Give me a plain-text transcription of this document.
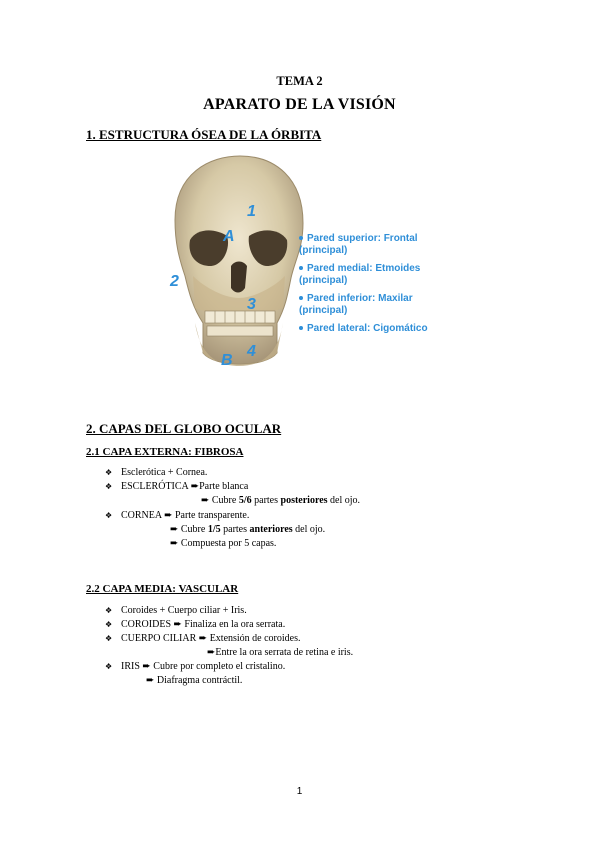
TEMA 2
APARATO DE LA VISIÓN
1. ESTRUCTURA ÓSEA DE LA ÓRBITA
1
2
3
4
A
B
Pared superior: Frontal
(principal)
Pared medial: Etmoides
(principal)
Pared inferior: Maxilar
(principal)
Pared lateral: Cigomático
2. CAPAS DEL GLOBO OCULAR
2.1 CAPA EXTERNA: FIBROSA
❖ Esclerótica + Cornea.
❖ ESCLERÓTICA ➨Parte blanca
➨ Cubre 5/6 partes posteriores del ojo.
❖ CORNEA ➨ Parte transparente.
➨ Cubre 1/5 partes anteriores del ojo.
➨ Compuesta por 5 capas.
2.2 CAPA MEDIA: VASCULAR
❖ Coroides + Cuerpo ciliar + Iris.
❖ COROIDES ➨ Finaliza en la ora serrata.
❖ CUERPO CILIAR ➨ Extensión de coroides.
➨Entre la ora serrata de retina e iris.
❖ IRIS ➨ Cubre por completo el cristalino.
➨ Diafragma contráctil.
1
